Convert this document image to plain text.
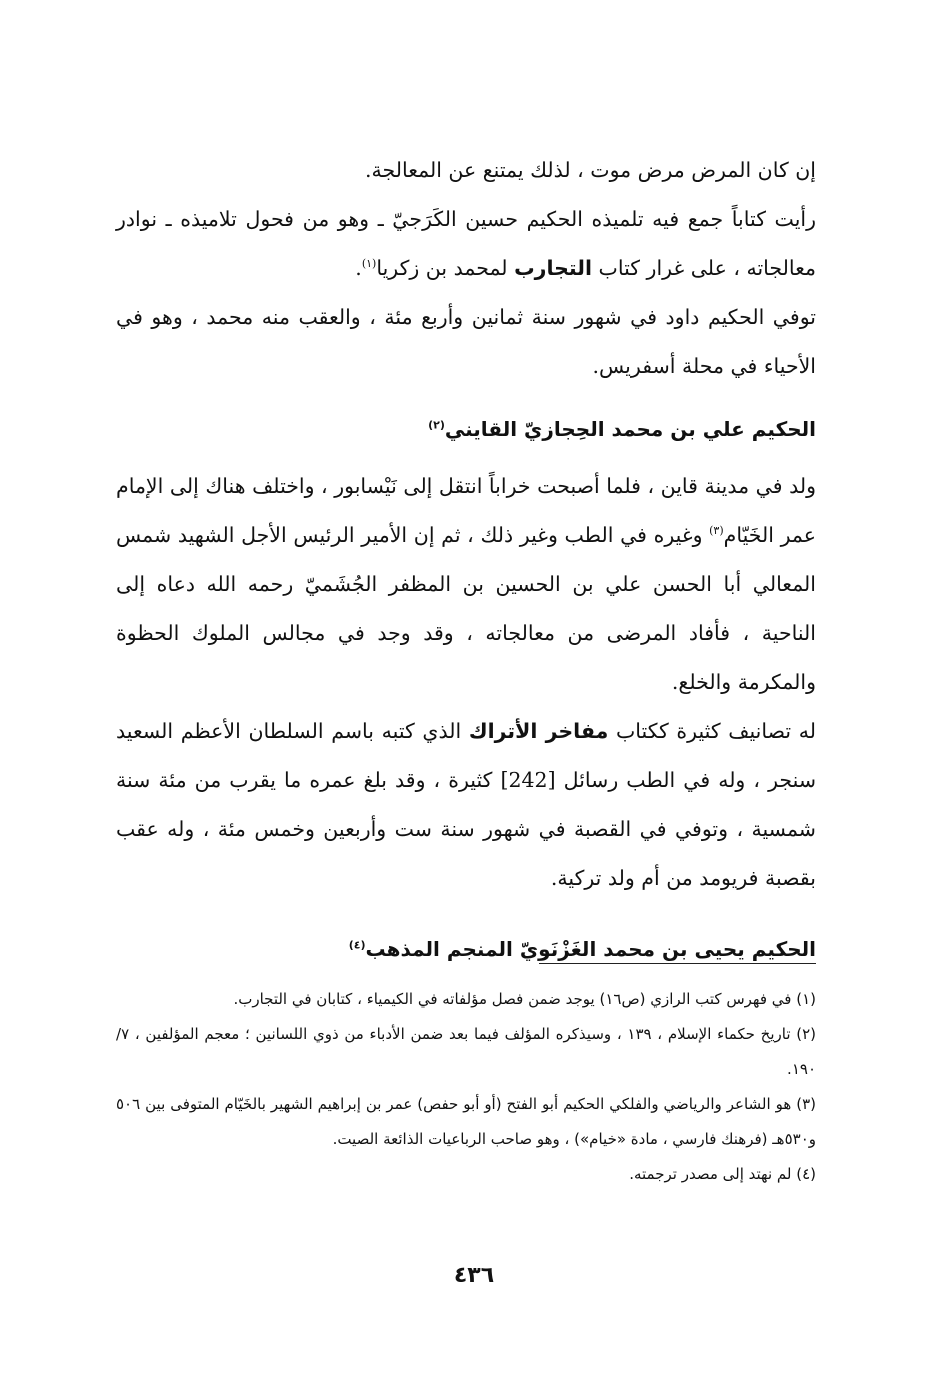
إن كان المرض مرض موت ، لذلك يمتنع عن المعالجة.

رأيت كتاباً جمع فيه تلميذه الحكيم حسين الكَرَجيّ ـ وهو من فحول تلاميذه ـ نوادر معالجاته ، على غرار كتاب التجارب لمحمد بن زكريا$^{(١)}$.

توفي الحكيم داود في شهور سنة ثمانين وأربع مئة ، والعقب منه محمد ، وهو في الأحياء في محلة أسفريس.

الحكيم علي بن محمد الحِجازيّ القايني$^{(٢)}$

ولد في مدينة قاين ، فلما أصبحت خراباً انتقل إلى نَيْسابور ، واختلف هناك إلى الإمام عمر الخَيّام$^{(٣)}$ وغيره في الطب وغير ذلك ، ثم إن الأمير الرئيس الأجل الشهيد شمس المعالي أبا الحسن علي بن الحسين بن المظفر الجُشَميّ رحمه الله دعاه إلى الناحية ، فأفاد المرضى من معالجاته ، وقد وجد في مجالس الملوك الحظوة والمكرمة والخلع.

له تصانيف كثيرة ككتاب مفاخر الأتراك الذي كتبه باسم السلطان الأعظم السعيد سنجر ، وله في الطب رسائل [242] كثيرة ، وقد بلغ عمره ما يقرب من مئة سنة شمسية ، وتوفي في القصبة في شهور سنة ست وأربعين وخمس مئة ، وله عقب بقصبة فريومد من أم ولد تركية.

الحكيم يحيى بن محمد الغَزْنَويّ المنجم المذهب$^{(٤)}$

(١) في فهرس كتب الرازي (ص١٦) يوجد ضمن فصل مؤلفاته في الكيمياء ، كتابان في التجارب.

(٢) تاريخ حكماء الإسلام ، ١٣٩ ، وسيذكره المؤلف فيما بعد ضمن الأدباء من ذوي اللسانين ؛ معجم المؤلفين ، ٧/ ١٩٠.

(٣) هو الشاعر والرياضي والفلكي الحكيم أبو الفتح (أو أبو حفص) عمر بن إبراهيم الشهير بالخَيّام المتوفى بين ٥٠٦ و٥٣٠هـ (فرهنك فارسي ، مادة «خيام») ، وهو صاحب الرباعيات الذائعة الصيت.

(٤) لم نهتد إلى مصدر ترجمته.

٤٣٦
